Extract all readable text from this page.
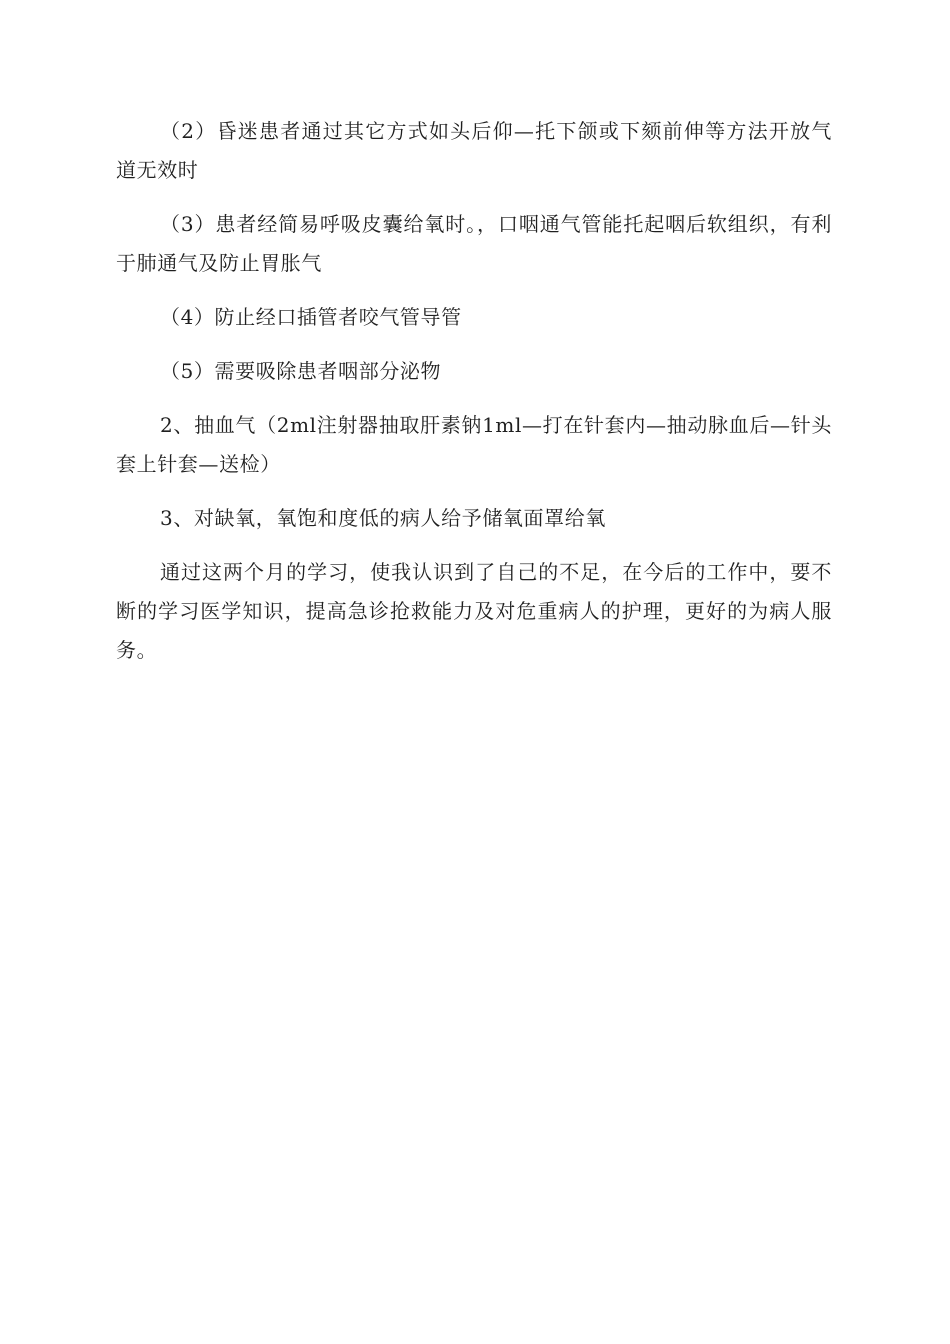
（2）昏迷患者通过其它方式如头后仰—托下颌或下颏前伸等方法开放气道无效时

（3）患者经简易呼吸皮囊给氧时。，口咽通气管能托起咽后软组织，有利于肺通气及防止胃胀气

（4）防止经口插管者咬气管导管

（5）需要吸除患者咽部分泌物

2、抽血气（2ml注射器抽取肝素钠1ml—打在针套内—抽动脉血后—针头套上针套—送检）

3、对缺氧，氧饱和度低的病人给予储氧面罩给氧

通过这两个月的学习，使我认识到了自己的不足，在今后的工作中，要不断的学习医学知识，提高急诊抢救能力及对危重病人的护理，更好的为病人服务。
